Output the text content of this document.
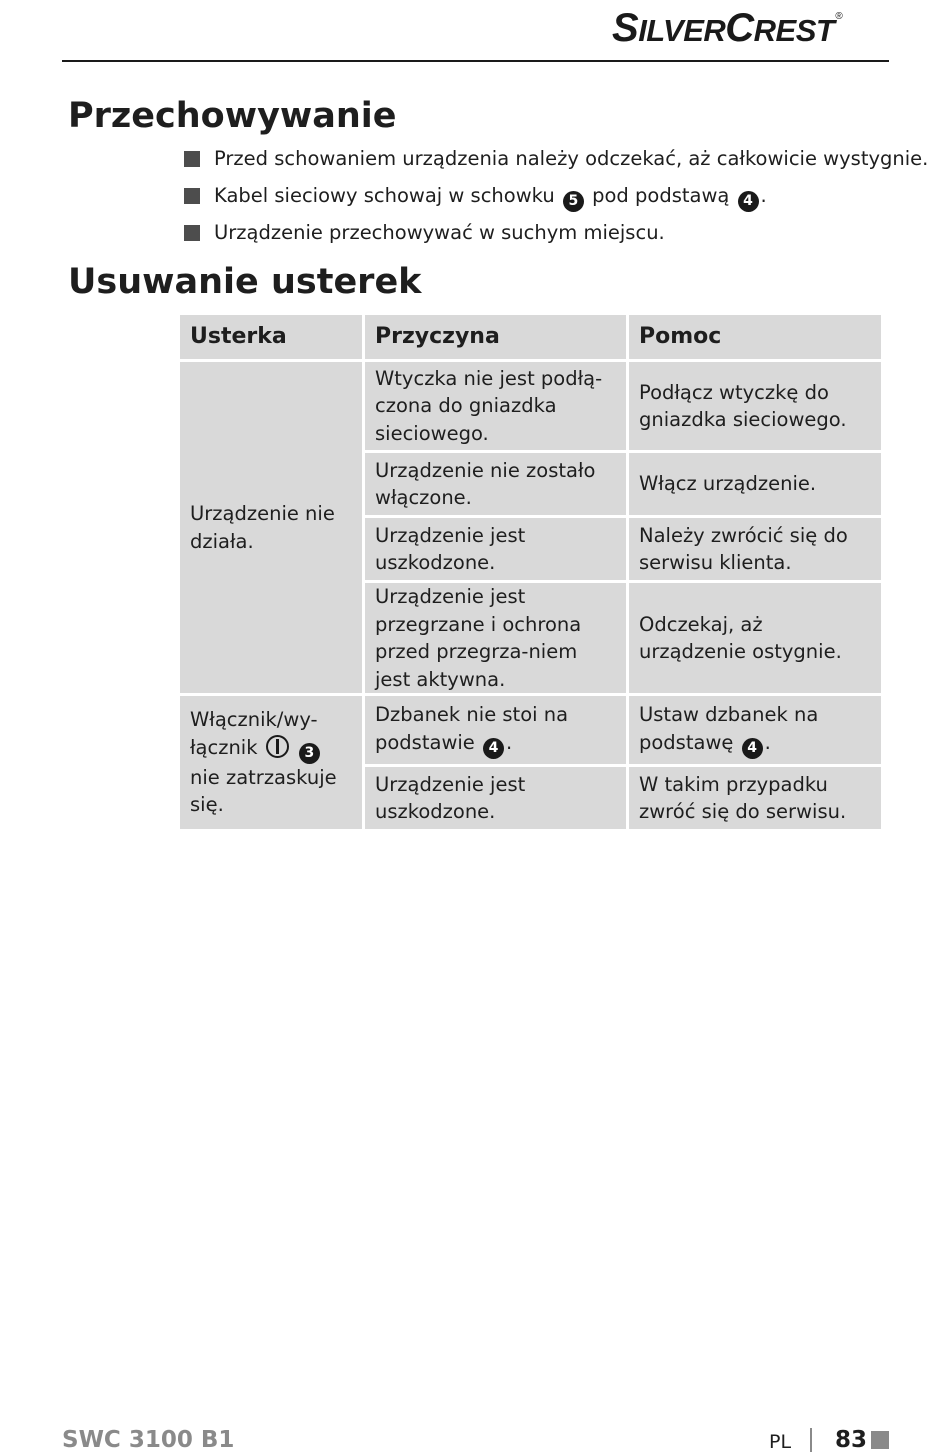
SILVERCREST®
Przechowywanie
Przed schowaniem urządzenia należy odczekać, aż całkowicie wystygnie.
Kabel sieciowy schowaj w schowku 5 pod podstawą 4 .
Urządzenie przechowywać w suchym miejscu.
Usuwanie usterek
Usterka	Przyczyna	Pomoc
Urządzenie nie działa.	Wtyczka nie jest podłą-czona do gniazdka sieciowego.	Podłącz wtyczkę do gniazdka sieciowego.
	Urządzenie nie zostało włączone.	Włącz urządzenie.
	Urządzenie jest uszkodzone.	Należy zwrócić się do serwisu klienta.
	Urządzenie jest przegrzane i ochrona przed przegrza-niem jest aktywna.	Odczekaj, aż urządzenie ostygnie.
Włącznik/wy-łącznik 3 nie zatrzaskuje się.	Dzbanek nie stoi na podstawie 4 .	Ustaw dzbanek na podstawę 4 .
	Urządzenie jest uszkodzone.	W takim przypadku zwróć się do serwisu.
SWC 3100 B1	PL 83
